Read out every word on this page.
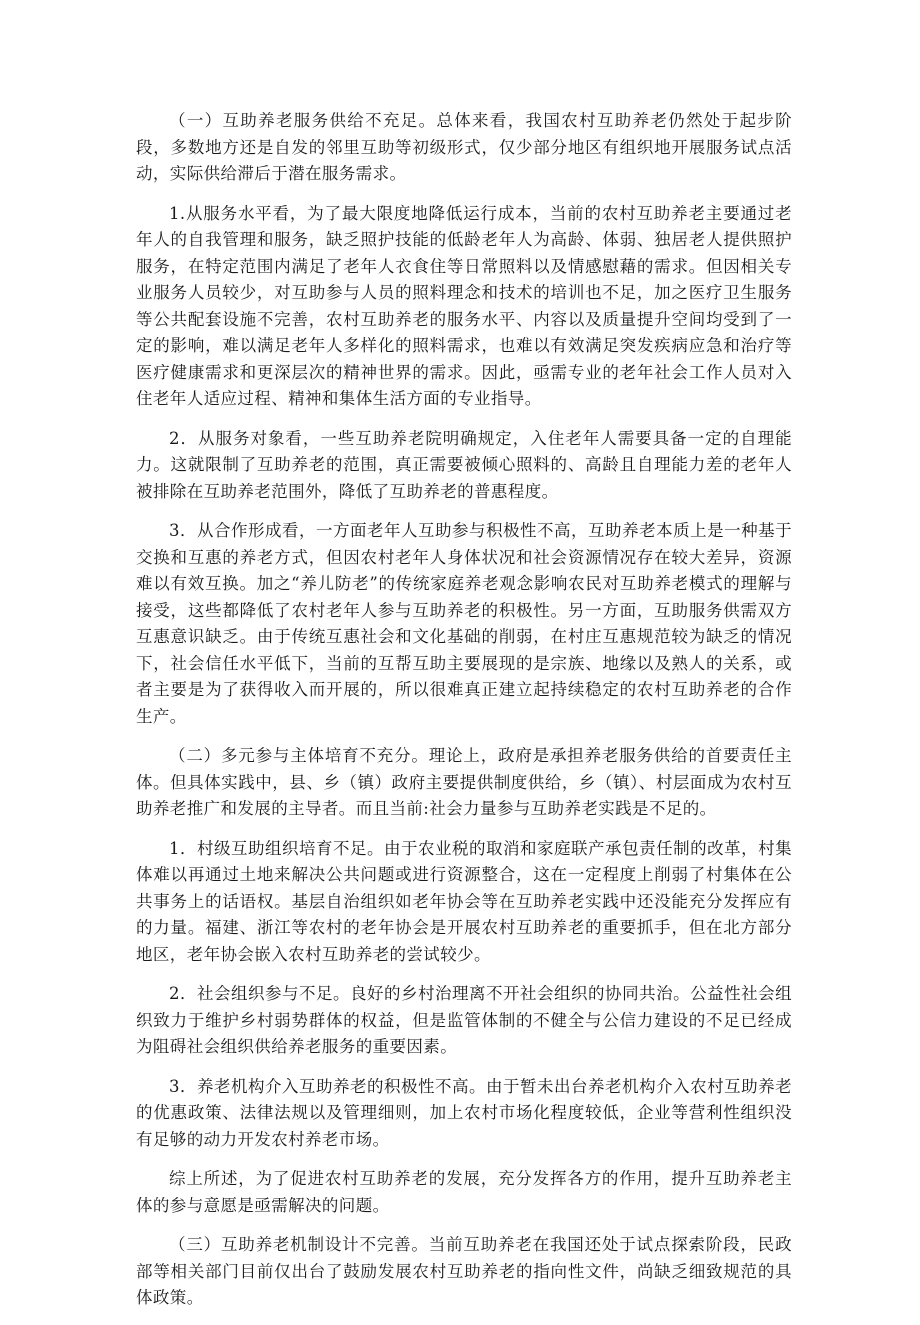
（一）互助养老服务供给不充足。总体来看，我国农村互助养老仍然处于起步阶段，多数地方还是自发的邻里互助等初级形式，仅少部分地区有组织地开展服务试点活动，实际供给滞后于潜在服务需求。

1.从服务水平看，为了最大限度地降低运行成本，当前的农村互助养老主要通过老年人的自我管理和服务，缺乏照护技能的低龄老年人为高龄、体弱、独居老人提供照护服务，在特定范围内满足了老年人衣食住等日常照料以及情感慰藉的需求。但因相关专业服务人员较少，对互助参与人员的照料理念和技术的培训也不足，加之医疗卫生服务等公共配套设施不完善，农村互助养老的服务水平、内容以及质量提升空间均受到了一定的影响，难以满足老年人多样化的照料需求，也难以有效满足突发疾病应急和治疗等医疗健康需求和更深层次的精神世界的需求。因此，亟需专业的老年社会工作人员对入住老年人适应过程、精神和集体生活方面的专业指导。

2．从服务对象看，一些互助养老院明确规定，入住老年人需要具备一定的自理能力。这就限制了互助养老的范围，真正需要被倾心照料的、高龄且自理能力差的老年人被排除在互助养老范围外，降低了互助养老的普惠程度。

3．从合作形成看，一方面老年人互助参与积极性不高，互助养老本质上是一种基于交换和互惠的养老方式，但因农村老年人身体状况和社会资源情况存在较大差异，资源难以有效互换。加之“养儿防老”的传统家庭养老观念影响农民对互助养老模式的理解与接受，这些都降低了农村老年人参与互助养老的积极性。另一方面，互助服务供需双方互惠意识缺乏。由于传统互惠社会和文化基础的削弱，在村庄互惠规范较为缺乏的情况下，社会信任水平低下，当前的互帮互助主要展现的是宗族、地缘以及熟人的关系，或者主要是为了获得收入而开展的，所以很难真正建立起持续稳定的农村互助养老的合作生产。

（二）多元参与主体培育不充分。理论上，政府是承担养老服务供给的首要责任主体。但具体实践中，县、乡（镇）政府主要提供制度供给，乡（镇）、村层面成为农村互助养老推广和发展的主导者。而且当前:社会力量参与互助养老实践是不足的。

1．村级互助组织培育不足。由于农业税的取消和家庭联产承包责任制的改革，村集体难以再通过土地来解决公共问题或进行资源整合，这在一定程度上削弱了村集体在公共事务上的话语权。基层自治组织如老年协会等在互助养老实践中还没能充分发挥应有的力量。福建、浙江等农村的老年协会是开展农村互助养老的重要抓手，但在北方部分地区，老年协会嵌入农村互助养老的尝试较少。

2．社会组织参与不足。良好的乡村治理离不开社会组织的协同共治。公益性社会组织致力于维护乡村弱势群体的权益，但是监管体制的不健全与公信力建设的不足已经成为阻碍社会组织供给养老服务的重要因素。

3．养老机构介入互助养老的积极性不高。由于暂未出台养老机构介入农村互助养老的优惠政策、法律法规以及管理细则，加上农村市场化程度较低，企业等营利性组织没有足够的动力开发农村养老市场。

综上所述，为了促进农村互助养老的发展，充分发挥各方的作用，提升互助养老主体的参与意愿是亟需解决的问题。

（三）互助养老机制设计不完善。当前互助养老在我国还处于试点探索阶段，民政部等相关部门目前仅出台了鼓励发展农村互助养老的指向性文件，尚缺乏细致规范的具体政策。
